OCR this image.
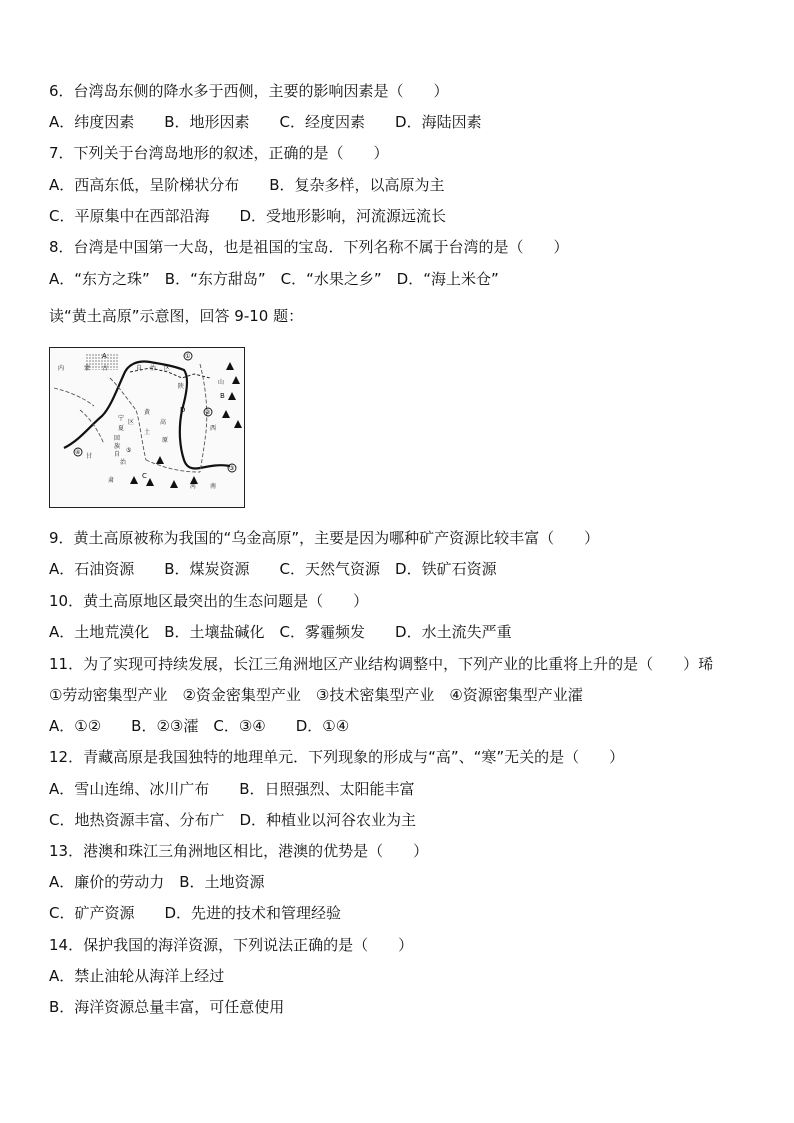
6．台湾岛东侧的降水多于西侧，主要的影响因素是（　　）
A．纬度因素　　B．地形因素　　C．经度因素　　D．海陆因素
7．下列关于台湾岛地形的叙述，正确的是（　　）
A．西高东低，呈阶梯状分布　　B．复杂多样，以高原为主
C．平原集中在西部沿海　　D．受地形影响，河流源远流长
8．台湾是中国第一大岛，也是祖国的宝岛．下列名称不属于台湾的是（　　）
A．“东方之珠”　B．“东方甜岛”　C．“水果之乡”　D．“海上米仓”
读“黄土高原”示意图，回答 9-10 题：
内	蒙 古	自 治 区
山
西
陕
宁
夏
回
族
自
治
区
甘
肃
高
原
黄
土
河 南
A
B
C
D
①
②
③
④	⑤
9．黄土高原被称为我国的“乌金高原”，主要是因为哪种矿产资源比较丰富（　　）
A．石油资源　　B．煤炭资源　　C．天然气资源　D．铁矿石资源
10．黄土高原地区最突出的生态问题是（　　）
A．土地荒漠化　B．土壤盐碱化　C．雾霾频发　　D．水土流失严重
11．为了实现可持续发展，长江三角洲地区产业结构调整中，下列产业的比重将上升的是（　　）琋
①劳动密集型产业　②资金密集型产业　③技术密集型产业　④资源密集型产业瀖
A．①②　　B．②③瀖　C．③④　　D．①④
12．青藏高原是我国独特的地理单元．下列现象的形成与“高”、“寒”无关的是（　　）
A．雪山连绵、冰川广布　　B．日照强烈、太阳能丰富
C．地热资源丰富、分布广　D．种植业以河谷农业为主
13．港澳和珠江三角洲地区相比，港澳的优势是（　　）
A．廉价的劳动力　B．土地资源
C．矿产资源　　D．先进的技术和管理经验
14．保护我国的海洋资源，下列说法正确的是（　　）
A．禁止油轮从海洋上经过
B．海洋资源总量丰富，可任意使用
